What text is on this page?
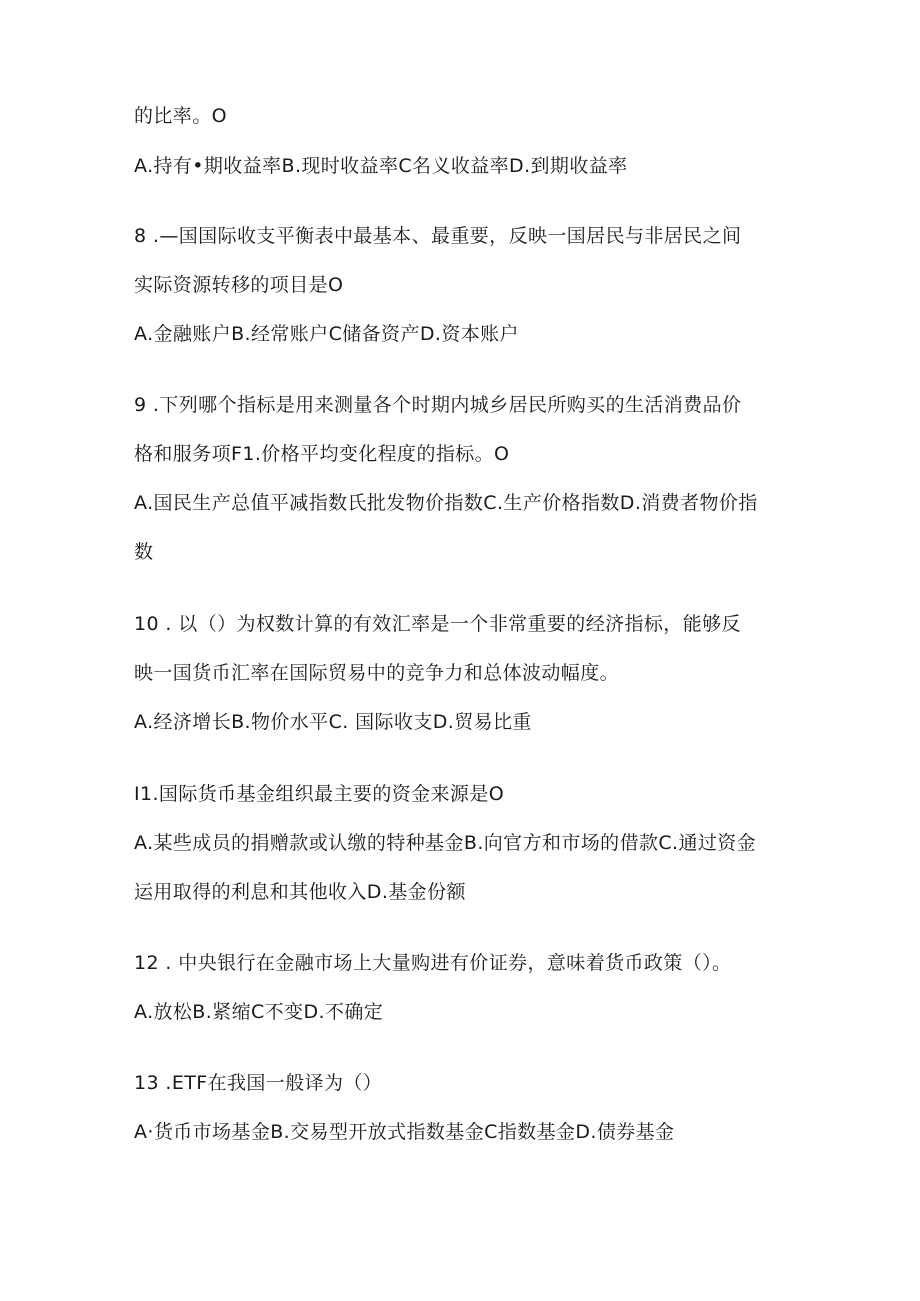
的比率。O
A.持有•期收益率B.现时收益率C名义收益率D.到期收益率
8 .—国国际收支平衡表中最基本、最重要，反映一国居民与非居民之间
实际资源转移的项目是O
A.金融账户B.经常账户C储备资产D.资本账户
9 .下列哪个指标是用来测量各个时期内城乡居民所购买的生活消费品价
格和服务项F1.价格平均变化程度的指标。O
A.国民生产总值平减指数氏批发物价指数C.生产价格指数D.消费者物价指
数
10 . 以（）为权数计算的有效汇率是一个非常重要的经济指标，能够反
映一国货币汇率在国际贸易中的竞争力和总体波动幅度。
A.经济增长B.物价水平C. 国际收支D.贸易比重
I1.国际货币基金组织最主要的资金来源是O
A.某些成员的捐赠款或认缴的特种基金B.向官方和市场的借款C.通过资金
运用取得的利息和其他收入D.基金份额
12 . 中央银行在金融市场上大量购进有价证券，意味着货币政策（）。
A.放松B.紧缩C不变D.不确定
13 .ETF在我国一般译为（）
A·货币市场基金B.交易型开放式指数基金C指数基金D.债券基金
